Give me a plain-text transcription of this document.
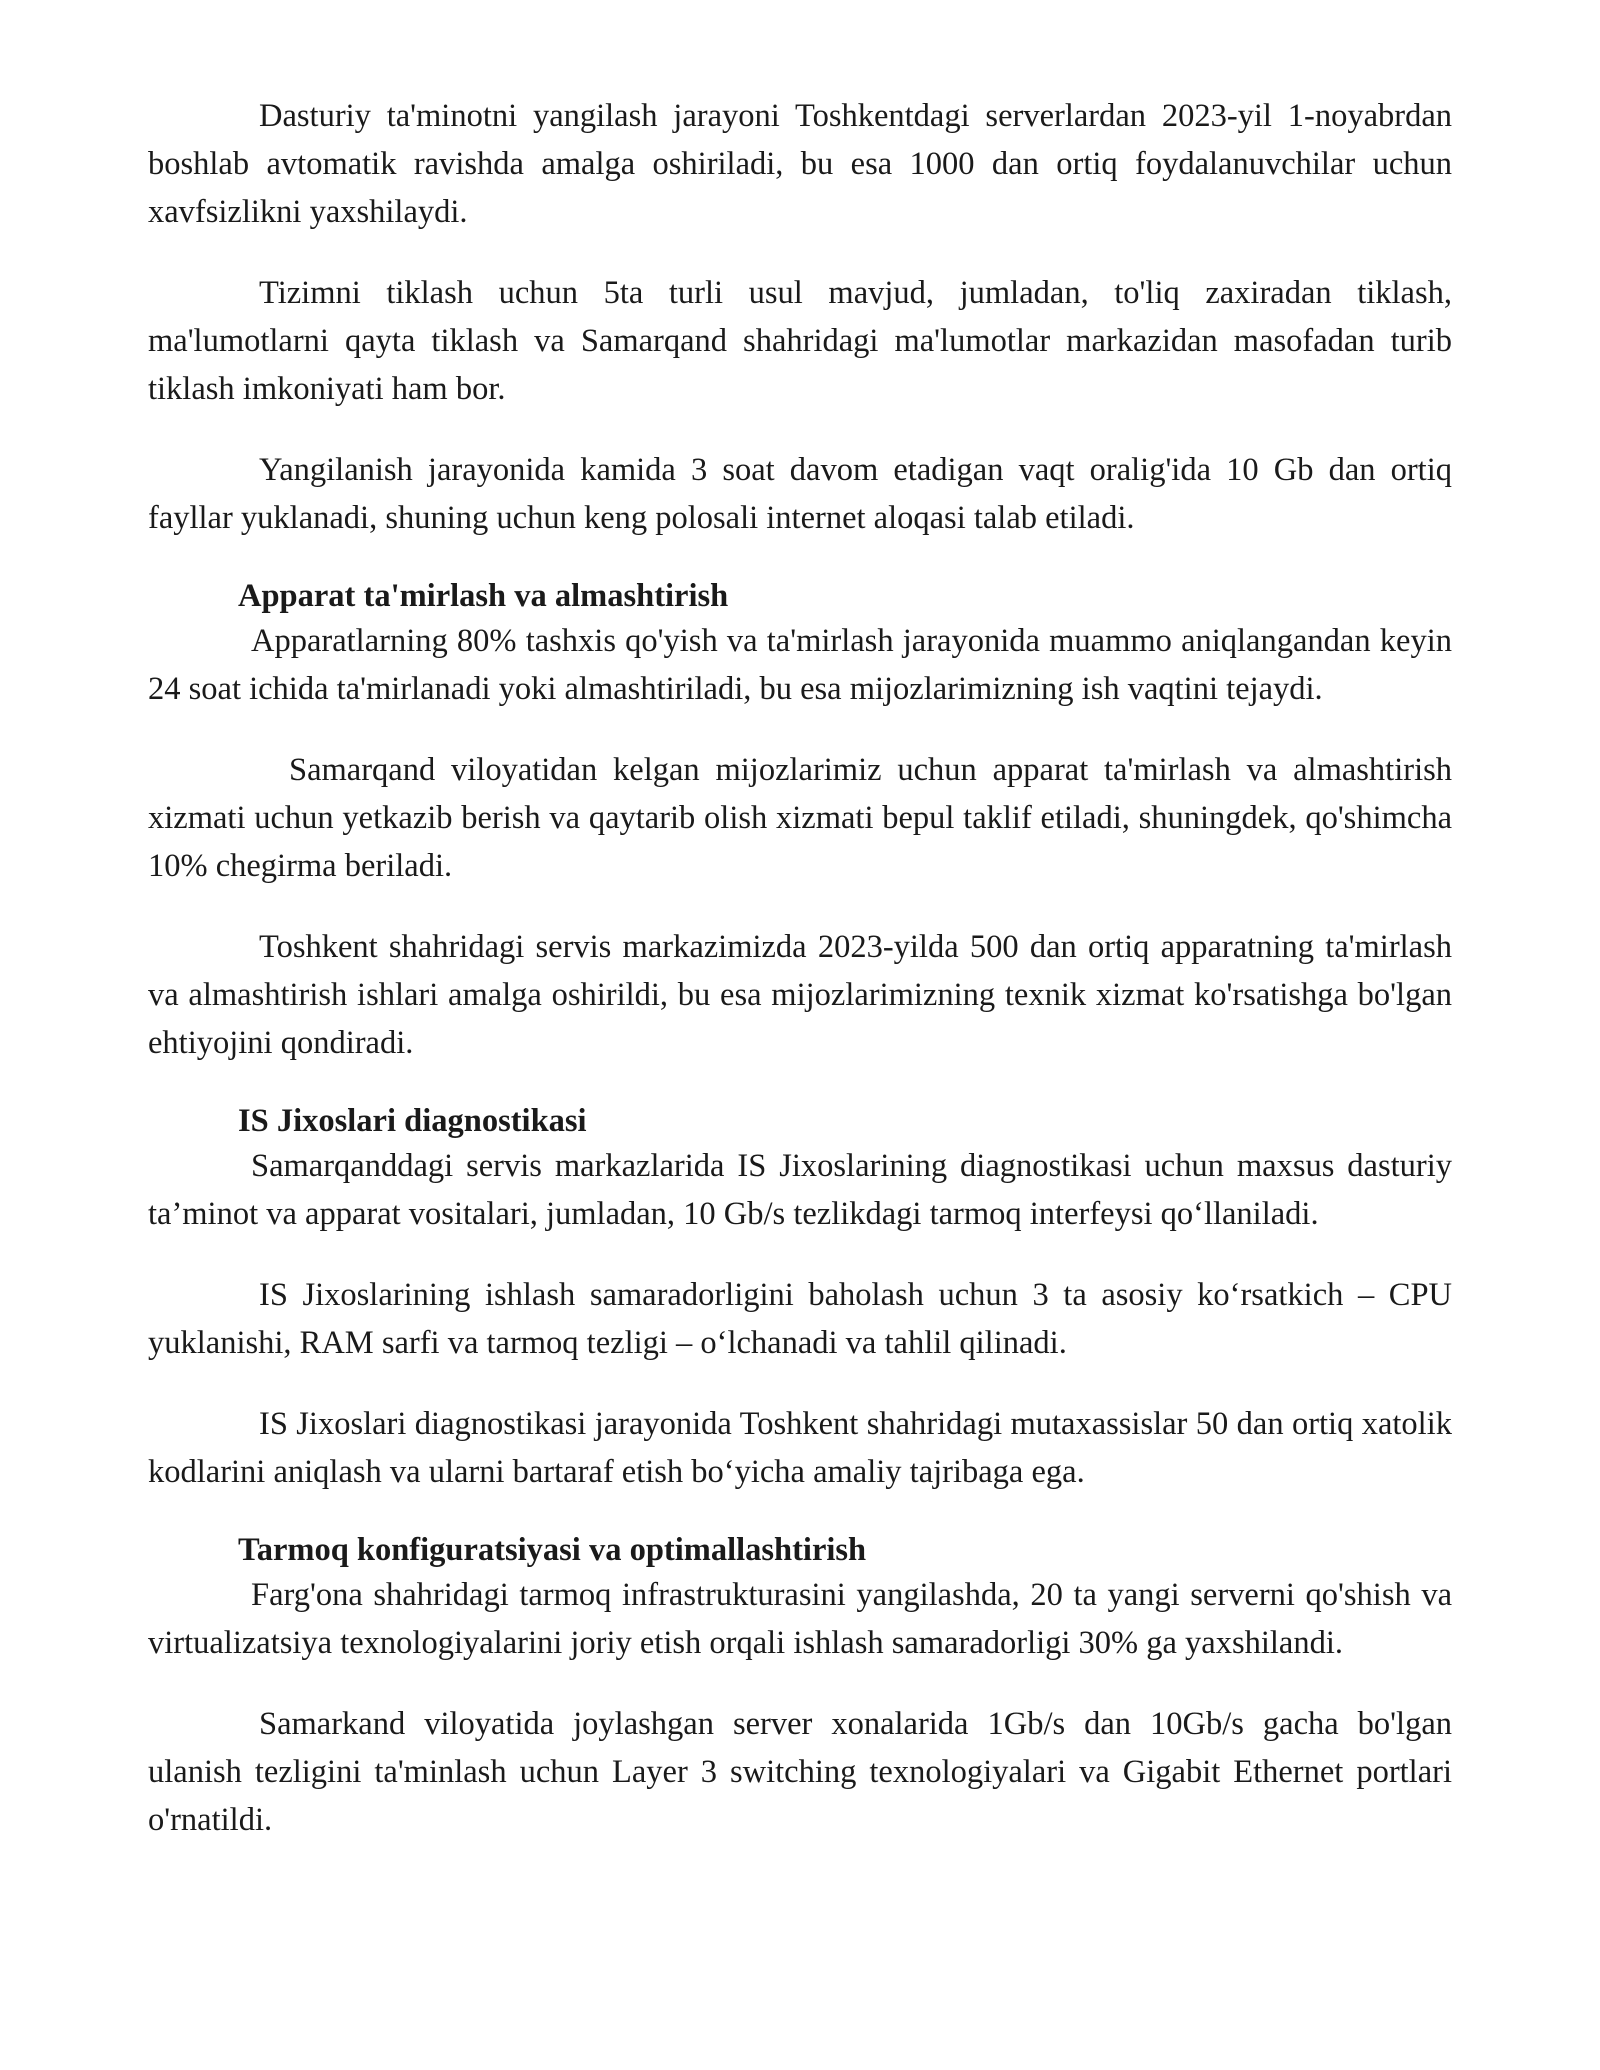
Dasturiy ta'minotni yangilash jarayoni Toshkentdagi serverlardan 2023-yil 1-noyabrdan boshlab avtomatik ravishda amalga oshiriladi, bu esa 1000 dan ortiq foydalanuvchilar uchun xavfsizlikni yaxshilaydi.

Tizimni tiklash uchun 5ta turli usul mavjud, jumladan, to'liq zaxiradan tiklash, ma'lumotlarni qayta tiklash va Samarqand shahridagi ma'lumotlar markazidan masofadan turib tiklash imkoniyati ham bor.

Yangilanish jarayonida kamida 3 soat davom etadigan vaqt oralig'ida 10 Gb dan ortiq fayllar yuklanadi, shuning uchun keng polosali internet aloqasi talab etiladi.

Apparat ta'mirlash va almashtirish

Apparatlarning 80% tashxis qo'yish va ta'mirlash jarayonida muammo aniqlangandan keyin 24 soat ichida ta'mirlanadi yoki almashtiriladi, bu esa mijozlarimizning ish vaqtini tejaydi.

Samarqand viloyatidan kelgan mijozlarimiz uchun apparat ta'mirlash va almashtirish xizmati uchun yetkazib berish va qaytarib olish xizmati bepul taklif etiladi, shuningdek, qo'shimcha 10% chegirma beriladi.

Toshkent shahridagi servis markazimizda 2023-yilda 500 dan ortiq apparatning ta'mirlash va almashtirish ishlari amalga oshirildi, bu esa mijozlarimizning texnik xizmat ko'rsatishga bo'lgan ehtiyojini qondiradi.

IS Jixoslari diagnostikasi

Samarqanddagi servis markazlarida IS Jixoslarining diagnostikasi uchun maxsus dasturiy ta’minot va apparat vositalari, jumladan, 10 Gb/s tezlikdagi tarmoq interfeysi qo‘llaniladi.

IS Jixoslarining ishlash samaradorligini baholash uchun 3 ta asosiy ko‘rsatkich – CPU yuklanishi, RAM sarfi va tarmoq tezligi – o‘lchanadi va tahlil qilinadi.

IS Jixoslari diagnostikasi jarayonida Toshkent shahridagi mutaxassislar 50 dan ortiq xatolik kodlarini aniqlash va ularni bartaraf etish bo‘yicha amaliy tajribaga ega.

Tarmoq konfiguratsiyasi va optimallashtirish

Farg'ona shahridagi tarmoq infrastrukturasini yangilashda, 20 ta yangi serverni qo'shish va virtualizatsiya texnologiyalarini joriy etish orqali ishlash samaradorligi 30% ga yaxshilandi.

Samarkand viloyatida joylashgan server xonalarida 1Gb/s dan 10Gb/s gacha bo'lgan ulanish tezligini ta'minlash uchun Layer 3 switching texnologiyalari va Gigabit Ethernet portlari o'rnatildi.
